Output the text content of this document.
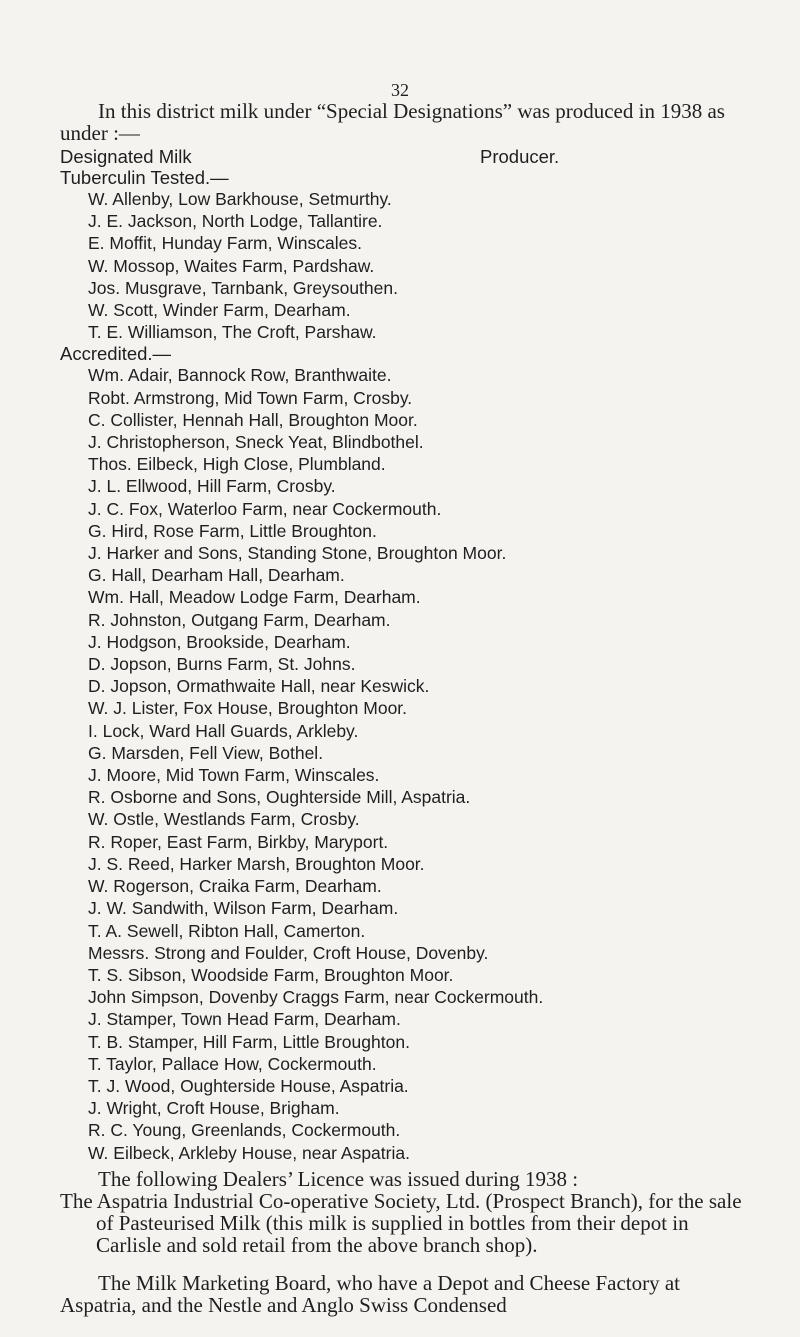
32

In this district milk under “Special Designations” was produced in 1938 as under :—

Designated Milk	Producer.
Tuberculin Tested.—
W. Allenby, Low Barkhouse, Setmurthy.
J. E. Jackson, North Lodge, Tallantire.
E. Moffit, Hunday Farm, Winscales.
W. Mossop, Waites Farm, Pardshaw.
Jos. Musgrave, Tarnbank, Greysouthen.
W. Scott, Winder Farm, Dearham.
T. E. Williamson, The Croft, Parshaw.
Accredited.—
Wm. Adair, Bannock Row, Branthwaite.
Robt. Armstrong, Mid Town Farm, Crosby.
C. Collister, Hennah Hall, Broughton Moor.
J. Christopherson, Sneck Yeat, Blindbothel.
Thos. Eilbeck, High Close, Plumbland.
J. L. Ellwood, Hill Farm, Crosby.
J. C. Fox, Waterloo Farm, near Cockermouth.
G. Hird, Rose Farm, Little Broughton.
J. Harker and Sons, Standing Stone, Broughton Moor.
G. Hall, Dearham Hall, Dearham.
Wm. Hall, Meadow Lodge Farm, Dearham.
R. Johnston, Outgang Farm, Dearham.
J. Hodgson, Brookside, Dearham.
D. Jopson, Burns Farm, St. Johns.
D. Jopson, Ormathwaite Hall, near Keswick.
W. J. Lister, Fox House, Broughton Moor.
I. Lock, Ward Hall Guards, Arkleby.
G. Marsden, Fell View, Bothel.
J. Moore, Mid Town Farm, Winscales.
R. Osborne and Sons, Oughterside Mill, Aspatria.
W. Ostle, Westlands Farm, Crosby.
R. Roper, East Farm, Birkby, Maryport.
J. S. Reed, Harker Marsh, Broughton Moor.
W. Rogerson, Craika Farm, Dearham.
J. W. Sandwith, Wilson Farm, Dearham.
T. A. Sewell, Ribton Hall, Camerton.
Messrs. Strong and Foulder, Croft House, Dovenby.
T. S. Sibson, Woodside Farm, Broughton Moor.
John Simpson, Dovenby Craggs Farm, near Cockermouth.
J. Stamper, Town Head Farm, Dearham.
T. B. Stamper, Hill Farm, Little Broughton.
T. Taylor, Pallace How, Cockermouth.
T. J. Wood, Oughterside House, Aspatria.
J. Wright, Croft House, Brigham.
R. C. Young, Greenlands, Cockermouth.
W. Eilbeck, Arkleby House, near Aspatria.

The following Dealers’ Licence was issued during 1938 :

The Aspatria Industrial Co-operative Society, Ltd. (Prospect Branch), for the sale of Pasteurised Milk (this milk is supplied in bottles from their depot in Carlisle and sold retail from the above branch shop).

The Milk Marketing Board, who have a Depot and Cheese Factory at Aspatria, and the Nestle and Anglo Swiss Condensed
